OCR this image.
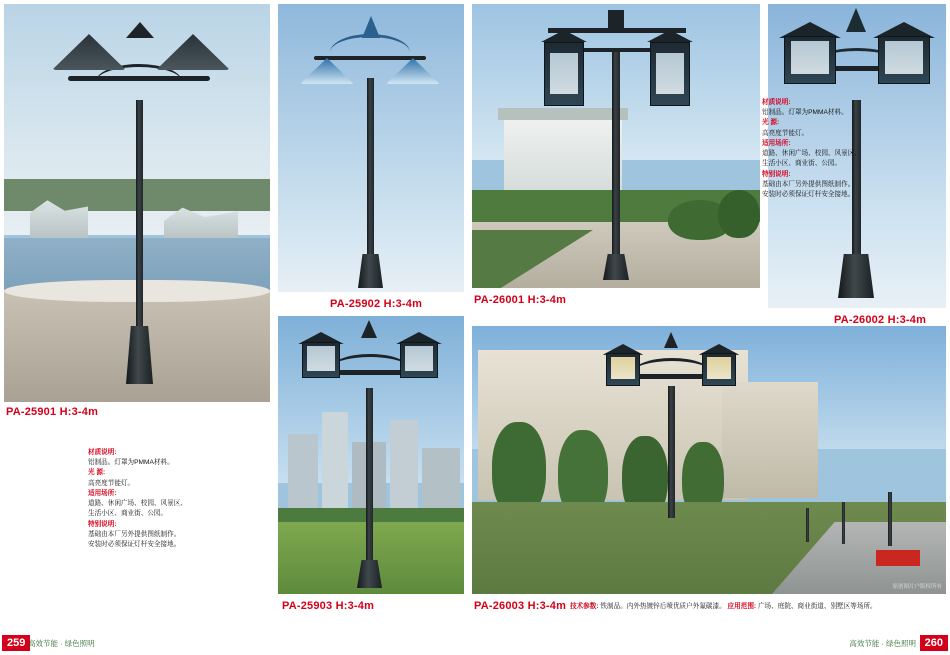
PA-25901 H:3-4m
PA-25902 H:3-4m	PA-26001 H:3-4m
PA-26002 H:3-4m
材质说明:
铝制品。灯罩为PMMA材料。
光 源:
高亮度节能灯。
适用场所:
道路、休闲广场、校园、风景区、
生活小区、商业街、公园。
特别说明:
基础由本厂另外提供图纸制作。
安装时必须保证灯杆安全接地。
材质说明:
铝制品。灯罩为PMMA材料。
光 源:
高亮度节能灯。
适用场所:
道路、休闲广场、校园、风景区、
生活小区、商业街、公园。
特别说明:
基础由本厂另外提供图纸制作。
安装时必须保证灯杆安全接地。
PA-25903 H:3-4m
原创图片户版权所有
PA-26003 H:3-4m 技术参数: 铁制品。内外热镀锌后喷优质户外氟碳漆。 应用范围: 广场、庭院、商业街道、别墅区等场所。
259 高效节能 · 绿色照明	260
高效节能 · 绿色照明
